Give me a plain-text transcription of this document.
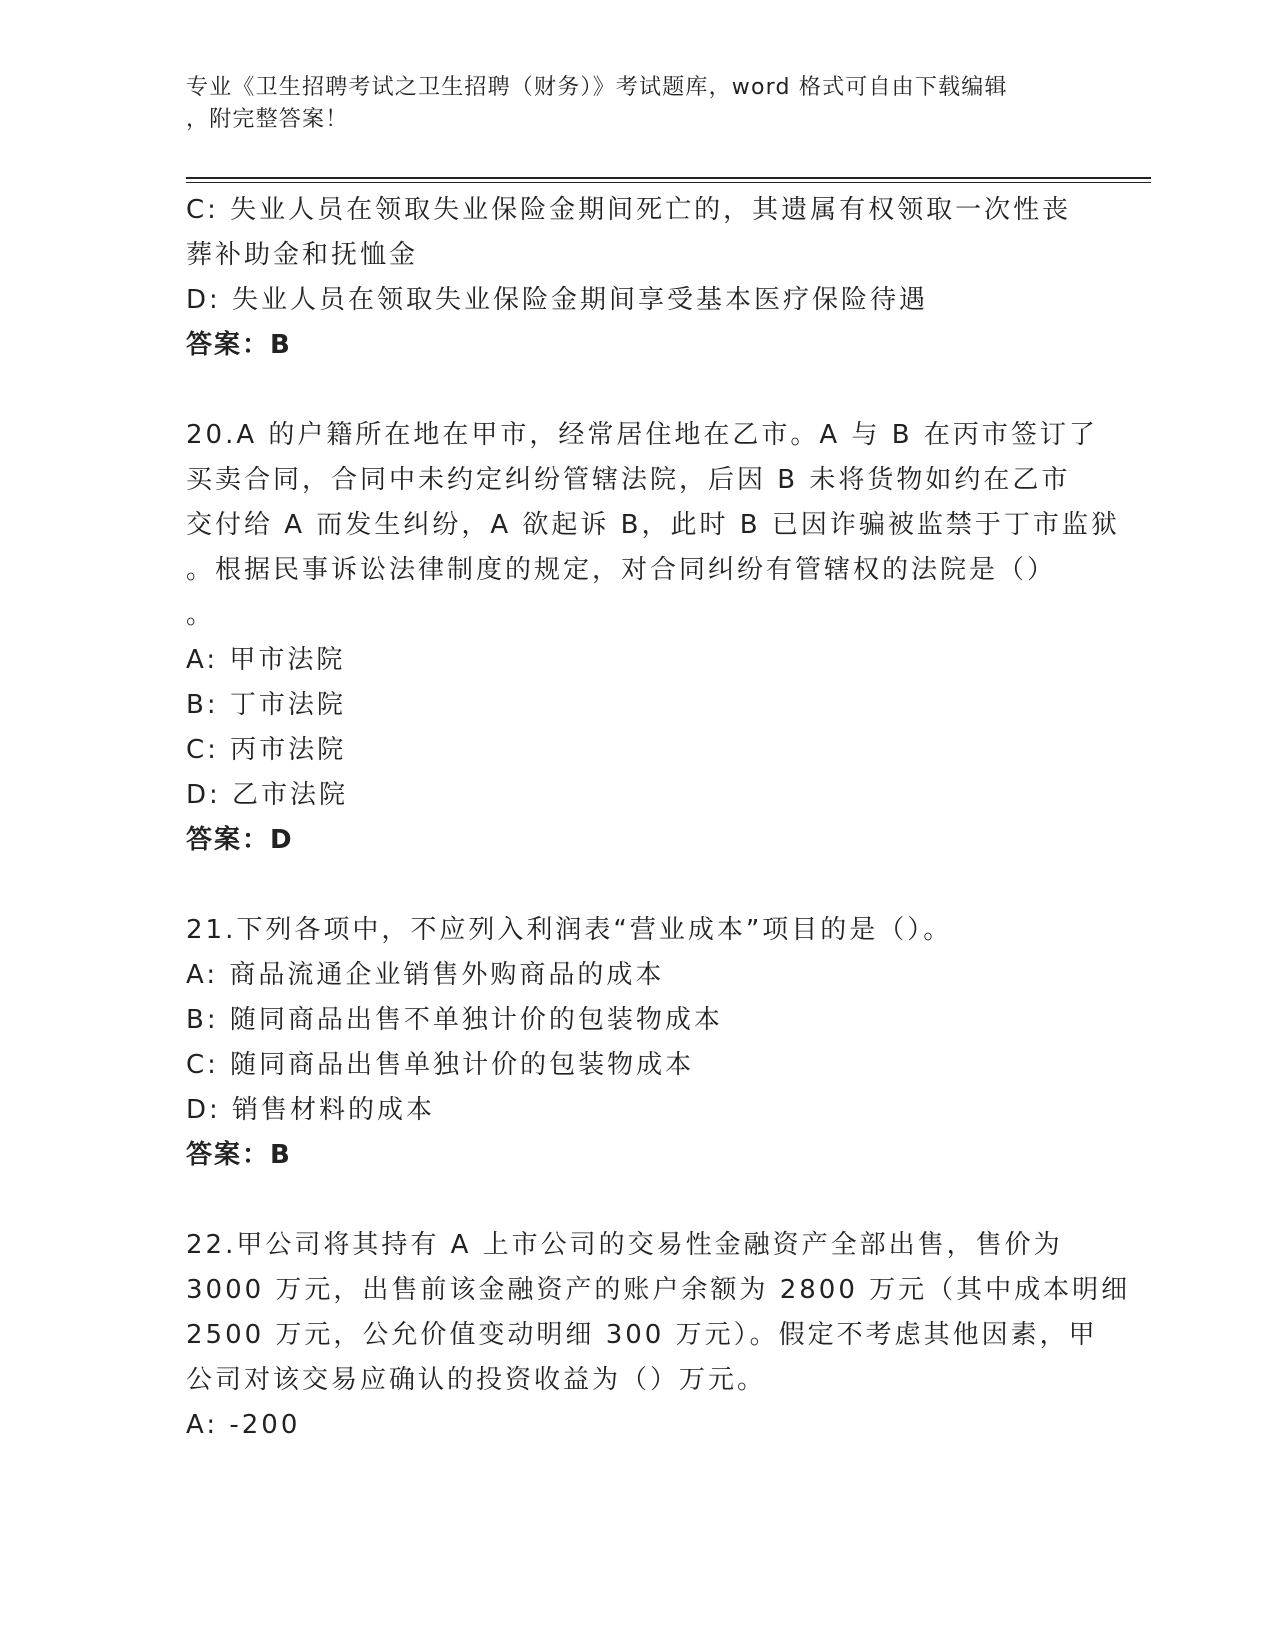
专业《卫生招聘考试之卫生招聘（财务）》考试题库，word 格式可自由下载编辑
，附完整答案！
C: 失业人员在领取失业保险金期间死亡的，其遗属有权领取一次性丧
葬补助金和抚恤金
D: 失业人员在领取失业保险金期间享受基本医疗保险待遇
答案：B
20.A 的户籍所在地在甲市，经常居住地在乙市。A 与 B 在丙市签订了
买卖合同，合同中未约定纠纷管辖法院，后因 B 未将货物如约在乙市
交付给 A 而发生纠纷，A 欲起诉 B，此时 B 已因诈骗被监禁于丁市监狱
。根据民事诉讼法律制度的规定，对合同纠纷有管辖权的法院是（）
。
A: 甲市法院
B: 丁市法院
C: 丙市法院
D: 乙市法院
答案：D
21.下列各项中，不应列入利润表“营业成本”项目的是（）。
A: 商品流通企业销售外购商品的成本
B: 随同商品出售不单独计价的包装物成本
C: 随同商品出售单独计价的包装物成本
D: 销售材料的成本
答案：B
22.甲公司将其持有 A 上市公司的交易性金融资产全部出售，售价为
3000 万元，出售前该金融资产的账户余额为 2800 万元（其中成本明细
2500 万元，公允价值变动明细 300 万元）。假定不考虑其他因素，甲
公司对该交易应确认的投资收益为（）万元。
A: -200
